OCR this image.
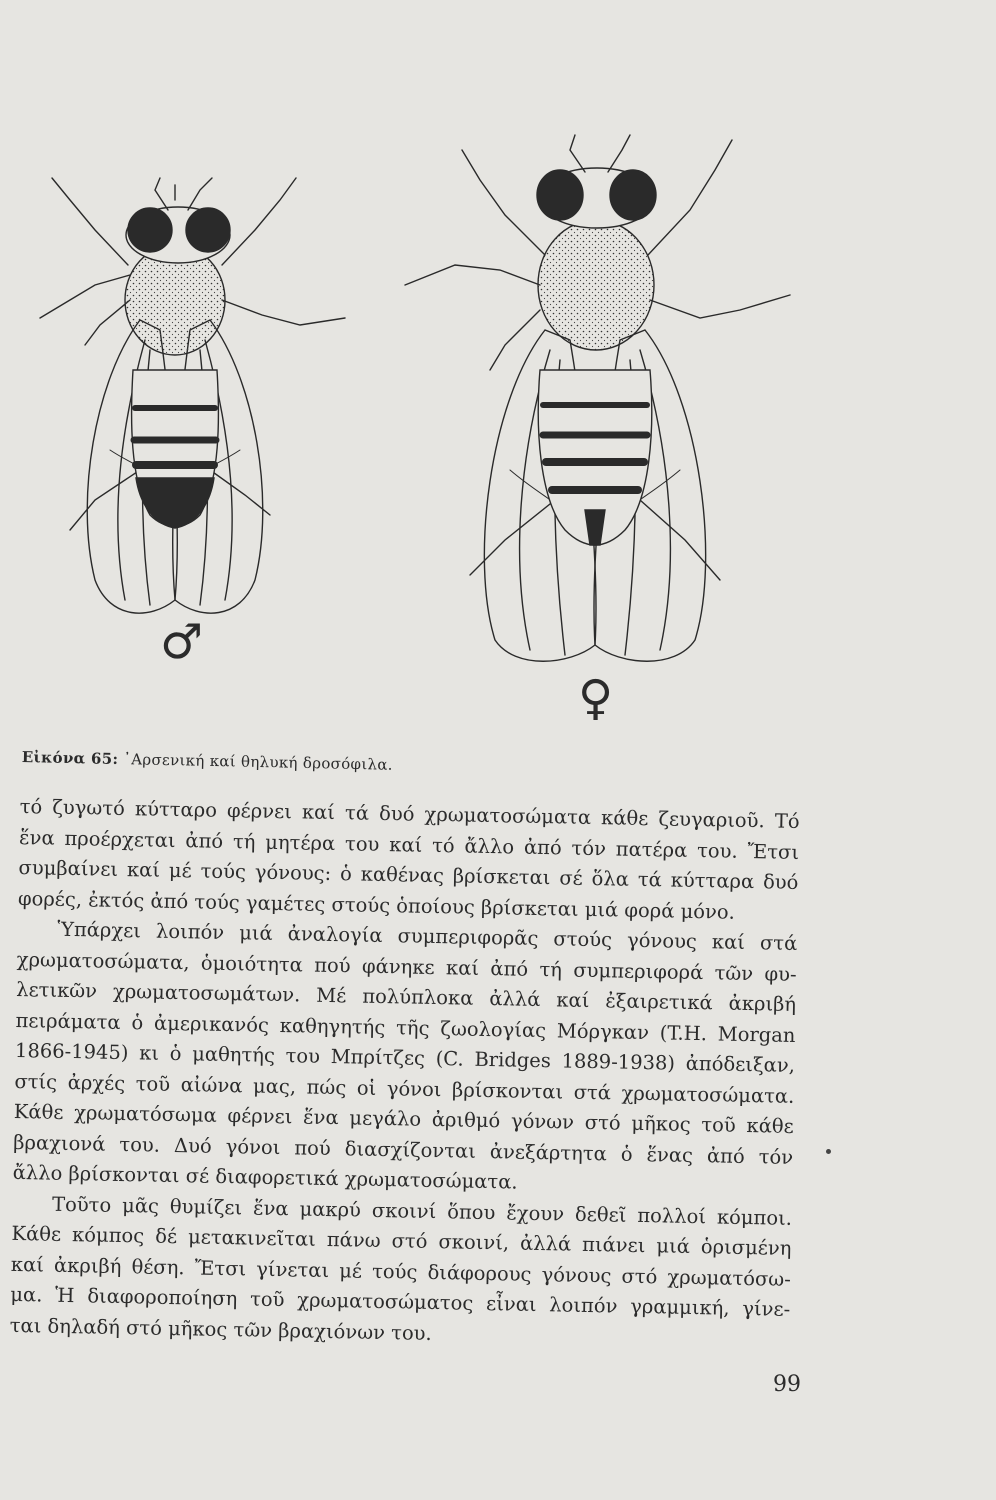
♂
♀
Εἰκόνα 65: ᾿Αρσενική καί θηλυκή δροσόφιλα.

τό ζυγωτό κύτταρο φέρνει καί τά δυό χρωματοσώματα κάθε ζευγαριοῦ. Τό
ἕνα προέρχεται ἀπό τή μητέρα του καί τό ἄλλο ἀπό τόν πατέρα του. Ἔτσι
συμβαίνει καί μέ τούς γόνους: ὁ καθένας βρίσκεται σέ ὅλα τά κύτταρα δυό
φορές, ἐκτός ἀπό τούς γαμέτες στούς ὁποίους βρίσκεται μιά φορά μόνο.

Ὑπάρχει λοιπόν μιά ἀναλογία συμπεριφορᾶς στούς γόνους καί στά
χρωματοσώματα, ὁμοιότητα πού φάνηκε καί ἀπό τή συμπεριφορά τῶν φυ-
λετικῶν χρωματοσωμάτων. Μέ πολύπλοκα ἀλλά καί ἐξαιρετικά ἀκριβή
πειράματα ὁ ἀμερικανός καθηγητής τῆς ζωολογίας Μόργκαν (T.H. Morgan
1866-1945) κι ὁ μαθητής του Μπρίτζες (C. Bridges 1889-1938) ἀπόδειξαν,
στίς ἀρχές τοῦ αἰώνα μας, πώς οἱ γόνοι βρίσκονται στά χρωματοσώματα.
Κάθε χρωματόσωμα φέρνει ἕνα μεγάλο ἀριθμό γόνων στό μῆκος τοῦ κάθε
βραχιονά του. Δυό γόνοι πού διασχίζονται ἀνεξάρτητα ὁ ἕνας ἀπό τόν
ἄλλο βρίσκονται σέ διαφορετικά χρωματοσώματα.

Τοῦτο μᾶς θυμίζει ἕνα μακρύ σκοινί ὅπου ἔχουν δεθεῖ πολλοί κόμποι.
Κάθε κόμπος δέ μετακινεῖται πάνω στό σκοινί, ἀλλά πιάνει μιά ὁρισμένη
καί ἀκριβή θέση. Ἔτσι γίνεται μέ τούς διάφορους γόνους στό χρωματόσω-
μα. Ἡ διαφοροποίηση τοῦ χρωματοσώματος εἶναι λοιπόν γραμμική, γίνε-
ται δηλαδή στό μῆκος τῶν βραχιόνων του.

99
